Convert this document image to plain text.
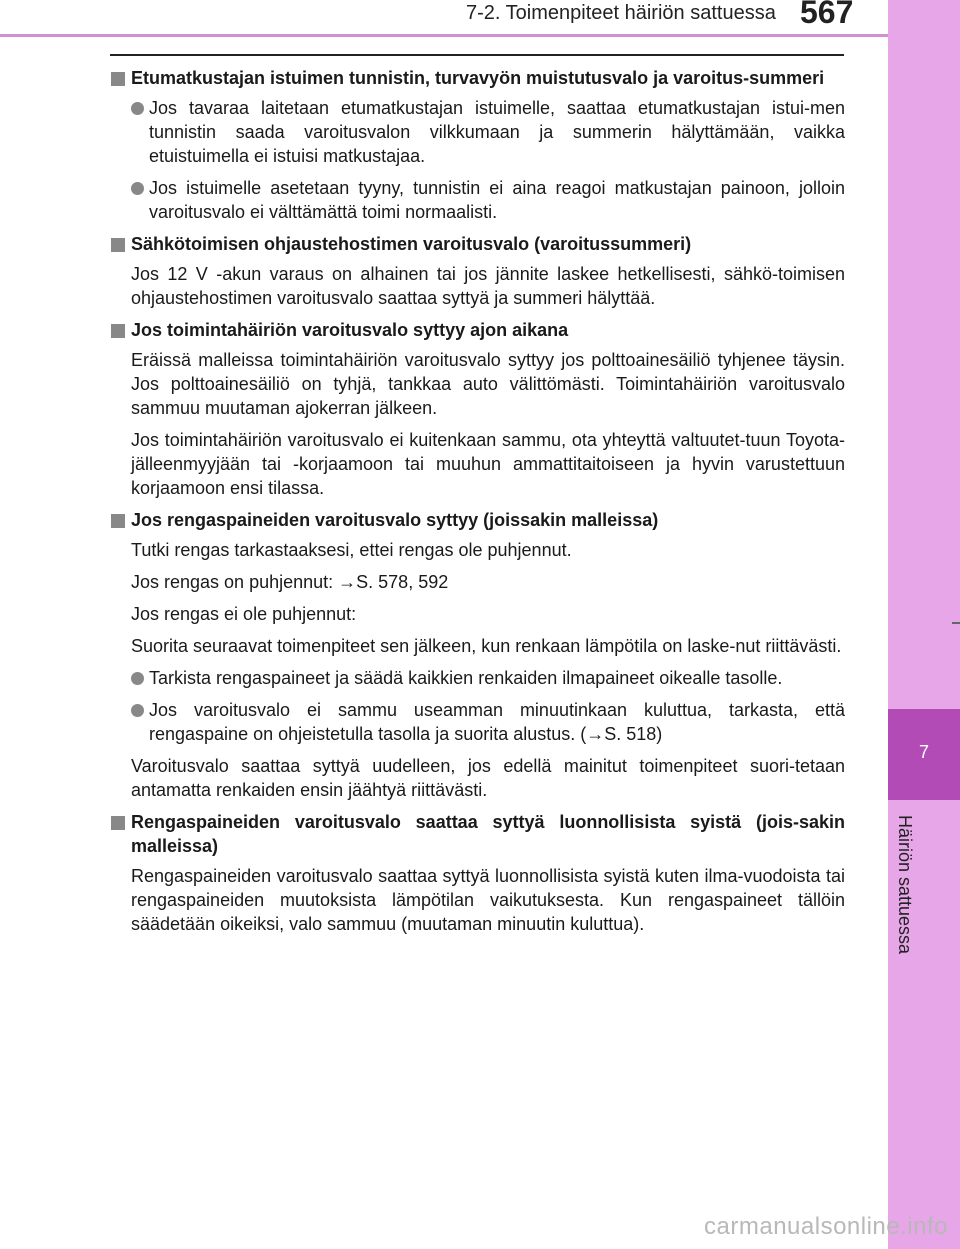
7-2. Toimenpiteet häiriön sattuessa 567
7
Häiriön sattuessa
Etumatkustajan istuimen tunnistin, turvavyön muistutusvalo ja varoitus-summeri
Jos tavaraa laitetaan etumatkustajan istuimelle, saattaa etumatkustajan istui-men tunnistin saada varoitusvalon vilkkumaan ja summerin hälyttämään, vaikka etuistuimella ei istuisi matkustajaa.
Jos istuimelle asetetaan tyyny, tunnistin ei aina reagoi matkustajan painoon, jolloin varoitusvalo ei välttämättä toimi normaalisti.
Sähkötoimisen ohjaustehostimen varoitusvalo (varoitussummeri)
Jos 12 V -akun varaus on alhainen tai jos jännite laskee hetkellisesti, sähkö-toimisen ohjaustehostimen varoitusvalo saattaa syttyä ja summeri hälyttää.
Jos toimintahäiriön varoitusvalo syttyy ajon aikana
Eräissä malleissa toimintahäiriön varoitusvalo syttyy jos polttoainesäiliö tyhjenee täysin. Jos polttoainesäiliö on tyhjä, tankkaa auto välittömästi. Toimintahäiriön varoitusvalo sammuu muutaman ajokerran jälkeen.
Jos toimintahäiriön varoitusvalo ei kuitenkaan sammu, ota yhteyttä valtuutet-tuun Toyota-jälleenmyyjään tai -korjaamoon tai muuhun ammattitaitoiseen ja hyvin varustettuun korjaamoon ensi tilassa.
Jos rengaspaineiden varoitusvalo syttyy (joissakin malleissa)
Tutki rengas tarkastaaksesi, ettei rengas ole puhjennut.
Jos rengas on puhjennut: →S. 578, 592
Jos rengas ei ole puhjennut:
Suorita seuraavat toimenpiteet sen jälkeen, kun renkaan lämpötila on laske-nut riittävästi.
Tarkista rengaspaineet ja säädä kaikkien renkaiden ilmapaineet oikealle tasolle.
Jos varoitusvalo ei sammu useamman minuutinkaan kuluttua, tarkasta, että rengaspaine on ohjeistetulla tasolla ja suorita alustus. (→S. 518)
Varoitusvalo saattaa syttyä uudelleen, jos edellä mainitut toimenpiteet suori-tetaan antamatta renkaiden ensin jäähtyä riittävästi.
Rengaspaineiden varoitusvalo saattaa syttyä luonnollisista syistä (jois-sakin malleissa)
Rengaspaineiden varoitusvalo saattaa syttyä luonnollisista syistä kuten ilma-vuodoista tai rengaspaineiden muutoksista lämpötilan vaikutuksesta. Kun rengaspaineet tällöin säädetään oikeiksi, valo sammuu (muutaman minuutin kuluttua).
carmanualsonline.info
